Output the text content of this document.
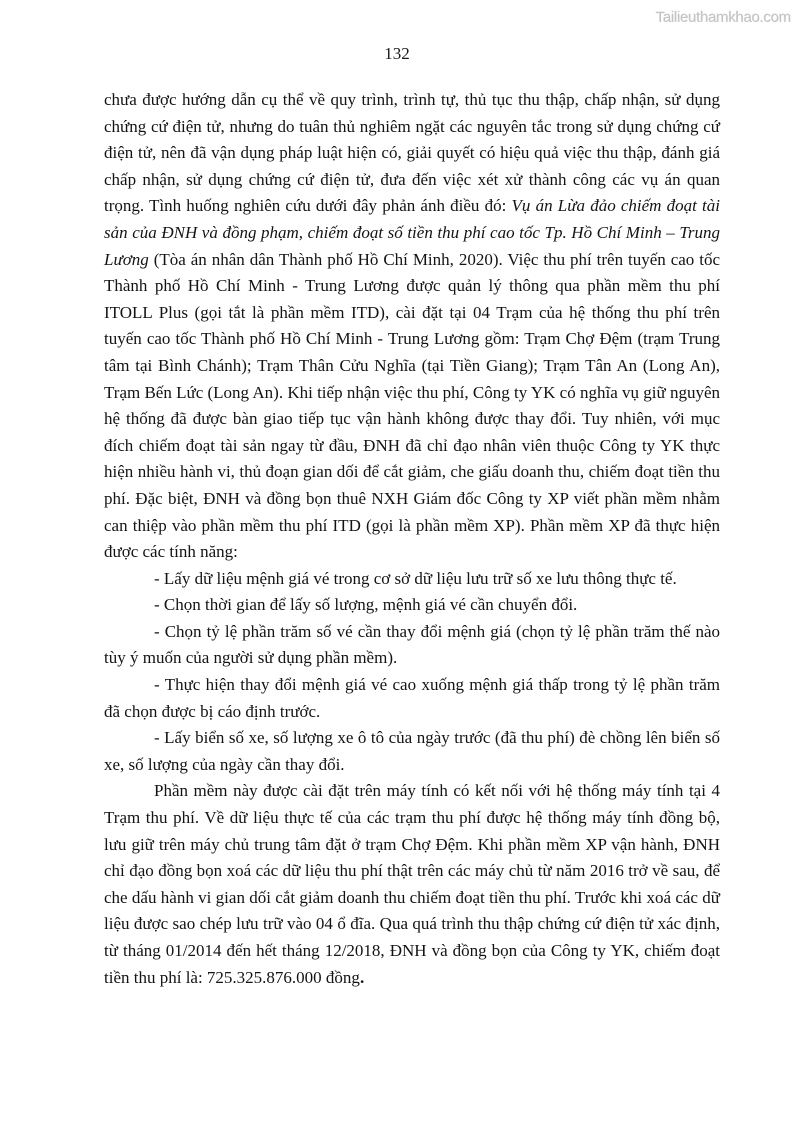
Tailieuthamkhao.com
132

chưa được hướng dẫn cụ thể về quy trình, trình tự, thủ tục thu thập, chấp nhận, sử dụng chứng cứ điện tử, nhưng do tuân thủ nghiêm ngặt các nguyên tắc trong sử dụng chứng cứ điện tử, nên đã vận dụng pháp luật hiện có, giải quyết có hiệu quả việc thu thập, đánh giá chấp nhận, sử dụng chứng cứ điện tử, đưa đến việc xét xử thành công các vụ án quan trọng. Tình huống nghiên cứu dưới đây phản ánh điều đó: Vụ án Lừa đảo chiếm đoạt tài sản của ĐNH và đồng phạm, chiếm đoạt số tiền thu phí cao tốc Tp. Hồ Chí Minh – Trung Lương (Tòa án nhân dân Thành phố Hồ Chí Minh, 2020). Việc thu phí trên tuyến cao tốc Thành phố Hồ Chí Minh - Trung Lương được quản lý thông qua phần mềm thu phí ITOLL Plus (gọi tắt là phần mềm ITD), cài đặt tại 04 Trạm của hệ thống thu phí trên tuyến cao tốc Thành phố Hồ Chí Minh - Trung Lương gồm: Trạm Chợ Đệm (trạm Trung tâm tại Bình Chánh); Trạm Thân Cửu Nghĩa (tại Tiền Giang); Trạm Tân An (Long An), Trạm Bến Lức (Long An). Khi tiếp nhận việc thu phí, Công ty YK có nghĩa vụ giữ nguyên hệ thống đã được bàn giao tiếp tục vận hành không được thay đổi. Tuy nhiên, với mục đích chiếm đoạt tài sản ngay từ đầu, ĐNH đã chỉ đạo nhân viên thuộc Công ty YK thực hiện nhiều hành vi, thủ đoạn gian dối để cắt giảm, che giấu doanh thu, chiếm đoạt tiền thu phí. Đặc biệt, ĐNH và đồng bọn thuê NXH Giám đốc Công ty XP viết phần mềm nhằm can thiệp vào phần mềm thu phí ITD (gọi là phần mềm XP). Phần mềm XP đã thực hiện được các tính năng:

- Lấy dữ liệu mệnh giá vé trong cơ sở dữ liệu lưu trữ số xe lưu thông thực tế.

- Chọn thời gian để lấy số lượng, mệnh giá vé cần chuyển đổi.

- Chọn tỷ lệ phần trăm số vé cần thay đổi mệnh giá (chọn tỷ lệ phần trăm thế nào tùy ý muốn của người sử dụng phần mềm).

- Thực hiện thay đổi mệnh giá vé cao xuống mệnh giá thấp trong tỷ lệ phần trăm đã chọn được bị cáo định trước.

- Lấy biển số xe, số lượng xe ô tô của ngày trước (đã thu phí) đè chồng lên biển số xe, số lượng của ngày cần thay đổi.

Phần mềm này được cài đặt trên máy tính có kết nối với hệ thống máy tính tại 4 Trạm thu phí. Về dữ liệu thực tế của các trạm thu phí được hệ thống máy tính đồng bộ, lưu giữ trên máy chủ trung tâm đặt ở trạm Chợ Đệm. Khi phần mềm XP vận hành, ĐNH chỉ đạo đồng bọn xoá các dữ liệu thu phí thật trên các máy chủ từ năm 2016 trở về sau, để che dấu hành vi gian dối cắt giảm doanh thu chiếm đoạt tiền thu phí. Trước khi xoá các dữ liệu được sao chép lưu trữ vào 04 ổ đĩa. Qua quá trình thu thập chứng cứ điện tử xác định, từ tháng 01/2014 đến hết tháng 12/2018, ĐNH và đồng bọn của Công ty YK, chiếm đoạt tiền thu phí là: 725.325.876.000 đồng.
